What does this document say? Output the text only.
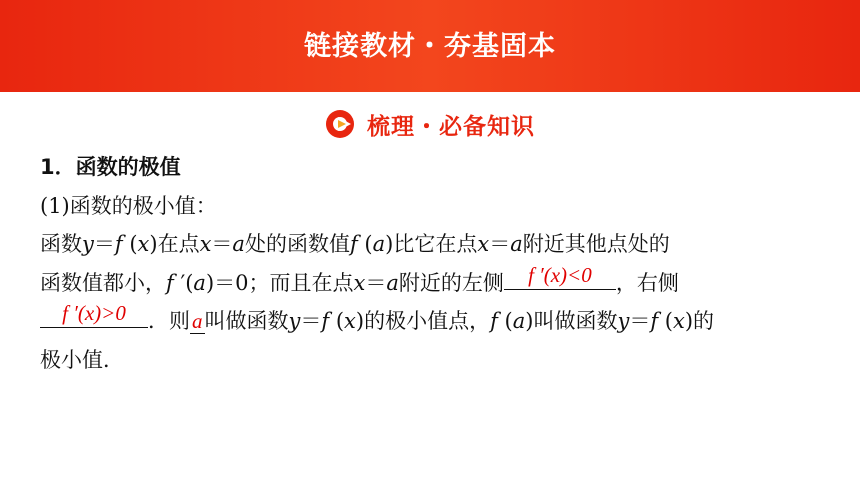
链接教材・夯基固本
梳理・必备知识
1．函数的极值
(1)函数的极小值：
函数y＝f (x)在点x＝a处的函数值f (a)比它在点x＝a附近其他点处的
函数值都小，f ′(a)＝0；而且在点x＝a附近的左侧	f ′(x)<0	，右侧
f ′(x)>0	．则a叫做函数y＝f (x)的极小值点，f (a)叫做函数y＝f (x)的
极小值．
